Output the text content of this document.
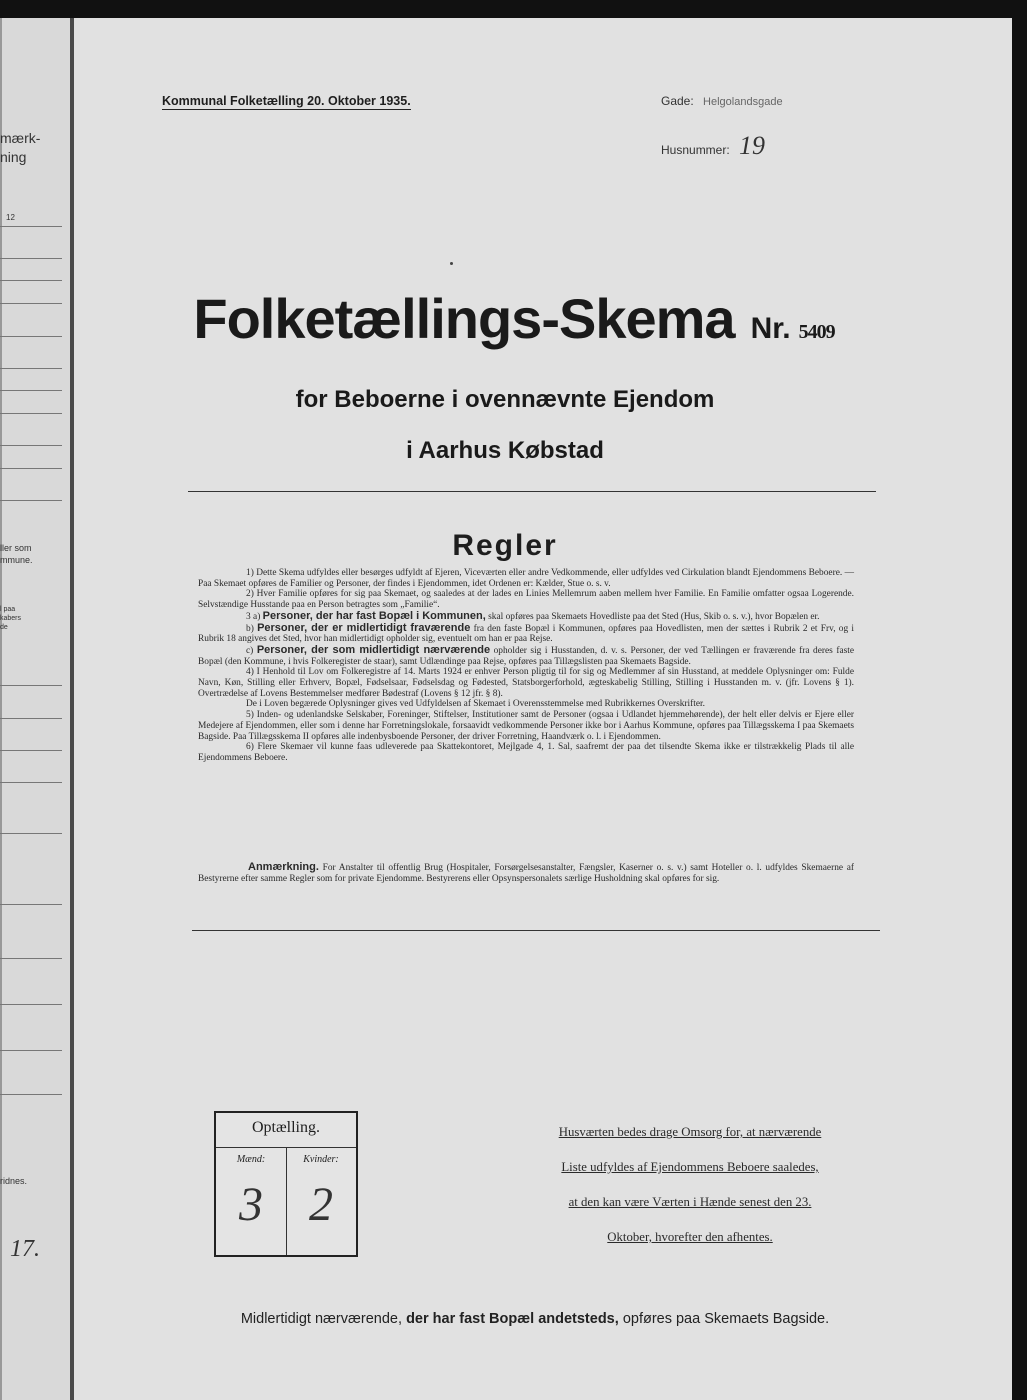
mærk-
ning
12
ller som
mmune.
l paa
kabers
de
ridnes.
17.
Kommunal Folketælling 20. Oktober 1935.	Gade: Helgolandsgade
Husnummer: 19
Folketællings-Skema Nr. 5409
for Beboerne i ovennævnte Ejendom
i Aarhus Købstad
Regler

1) Dette Skema udfyldes eller besørges udfyldt af Ejeren, Viceværten eller andre Vedkommende, eller udfyldes ved Cirkulation blandt Ejendommens Beboere. — Paa Skemaet opføres de Familier og Personer, der findes i Ejendommen, idet Ordenen er: Kælder, Stue o. s. v.

2) Hver Familie opføres for sig paa Skemaet, og saaledes at der lades en Linies Mellemrum aaben mellem hver Familie. En Familie omfatter ogsaa Logerende. Selvstændige Husstande paa en Person betragtes som „Familie“.

3 a) Personer, der har fast Bopæl i Kommunen, skal opføres paa Skemaets Hovedliste paa det Sted (Hus, Skib o. s. v.), hvor Bopælen er.

b) Personer, der er midlertidigt fraværende fra den faste Bopæl i Kommunen, opføres paa Hovedlisten, men der sættes i Rubrik 2 et Frv, og i Rubrik 18 angives det Sted, hvor han midlertidigt opholder sig, eventuelt om han er paa Rejse.

c) Personer, der som midlertidigt nærværende opholder sig i Husstanden, d. v. s. Personer, der ved Tællingen er fraværende fra deres faste Bopæl (den Kommune, i hvis Folkeregister de staar), samt Udlændinge paa Rejse, opføres paa Tillægslisten paa Skemaets Bagside.

4) I Henhold til Lov om Folkeregistre af 14. Marts 1924 er enhver Person pligtig til for sig og Medlemmer af sin Husstand, at meddele Oplysninger om: Fulde Navn, Køn, Stilling eller Erhverv, Bopæl, Fødselsaar, Fødselsdag og Fødested, Statsborgerforhold, ægteskabelig Stilling, Stilling i Husstanden m. v. (jfr. Lovens § 1). Overtrædelse af Lovens Bestemmelser medfører Bødestraf (Lovens § 12 jfr. § 8).

De i Loven begærede Oplysninger gives ved Udfyldelsen af Skemaet i Overensstemmelse med Rubrikkernes Overskrifter.

5) Inden- og udenlandske Selskaber, Foreninger, Stiftelser, Institutioner samt de Personer (ogsaa i Udlandet hjemmehørende), der helt eller delvis er Ejere eller Medejere af Ejendommen, eller som i denne har Forretningslokale, forsaavidt vedkommende Personer ikke bor i Aarhus Kommune, opføres paa Tillægsskema I paa Skemaets Bagside. Paa Tillægsskema II opføres alle indenbysboende Personer, der driver Forretning, Haandværk o. l. i Ejendommen.

6) Flere Skemaer vil kunne faas udleverede paa Skattekontoret, Mejlgade 4, 1. Sal, saafremt der paa det tilsendte Skema ikke er tilstrækkelig Plads til alle Ejendommens Beboere.

Anmærkning. For Anstalter til offentlig Brug (Hospitaler, Forsørgelsesanstalter, Fængsler, Kaserner o. s. v.) samt Hoteller o. l. udfyldes Skemaerne af Bestyrerne efter samme Regler som for private Ejendomme. Bestyrerens eller Opsynspersonalets særlige Husholdning skal opføres for sig.

Optælling.
Mænd:	Kvinder:
3 2
Husværten bedes drage Omsorg for, at nærværende
Liste udfyldes af Ejendommens Beboere saaledes,
at den kan være Værten i Hænde senest den 23.
Oktober, hvorefter den afhentes.
Midlertidigt nærværende, der har fast Bopæl andetsteds, opføres paa Skemaets Bagside.
